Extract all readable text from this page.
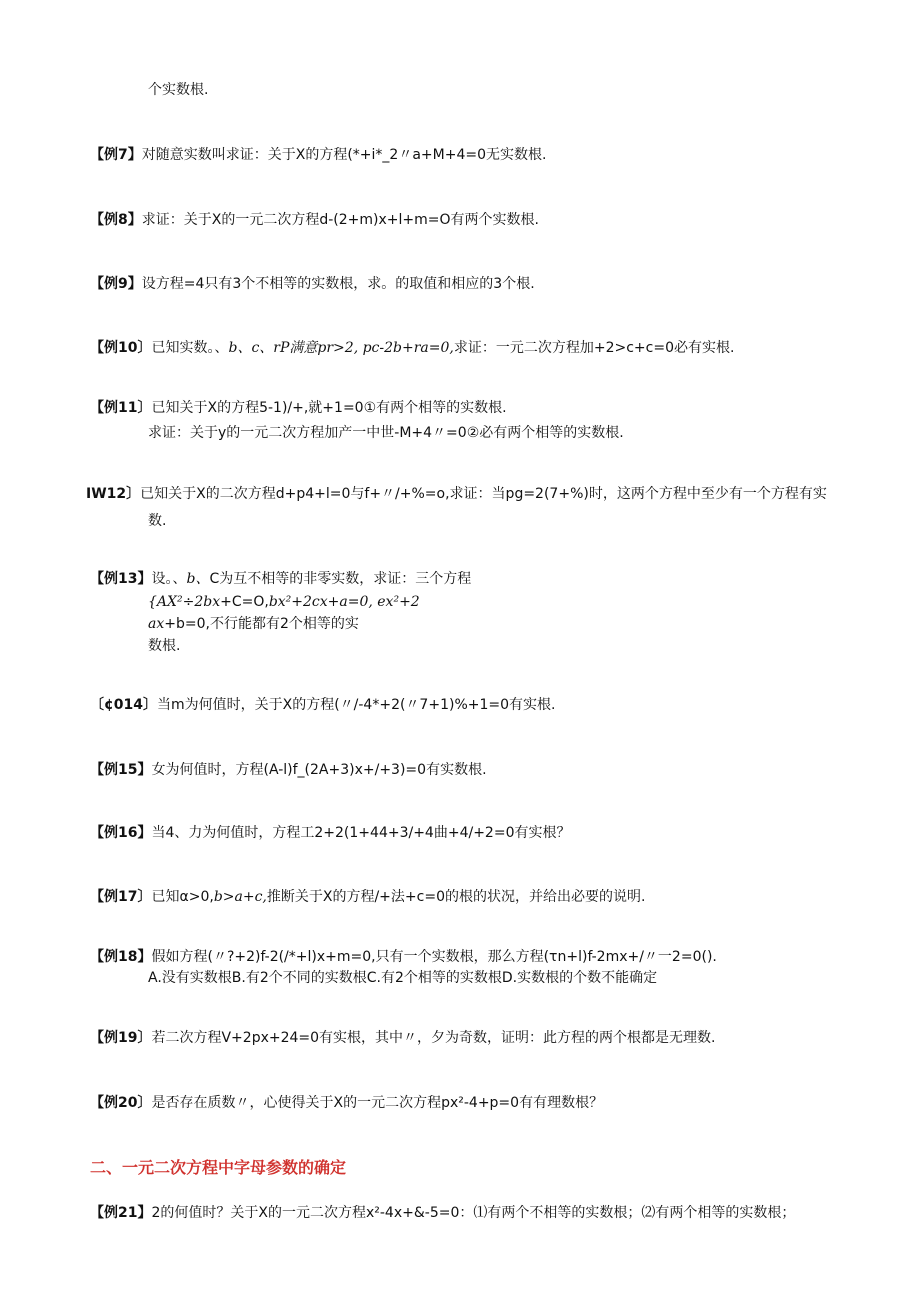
个实数根.
【例7】对随意实数叫求证：关于X的方程(*+i*_2〃a+M+4=0无实数根.
【例8】求证：关于X的一元二次方程d-(2+m)x+l+m=O有两个实数根.
【例9】设方程=4只有3个不相等的实数根，求。的取值和相应的3个根.
【例10〕已知实数。、b、c、rP满意pr>2, pc-2b+ra=0,求证：一元二次方程加+2>c+c=0必有实根.
【例11〕已知关于X的方程5-1)/+,就+1=0①有两个相等的实数根.
求证：关于y的一元二次方程加产一中世-M+4〃=0②必有两个相等的实数根.
IW12〕已知关于X的二次方程d+p4+l=0与f+〃/+%=o,求证：当pg=2(7+%)时，这两个方程中至少有一个方程有实
数.
【例13】设。、b、C为互不相等的非零实数，求证：三个方程
{AX²÷2bx+C=O,bx²+2cx+a=0, ex²+2
ax+b=0,不行能都有2个相等的实
数根.
〔¢014〕当m为何值时，关于X的方程(〃/-4*+2(〃7+1)%+1=0有实根.
【例15】女为何值时，方程(A-l)f_(2A+3)x+/+3)=0有实数根.
【例16】当4、力为何值时，方程工2+2(1+44+3/+4曲+4/+2=0有实根？
【例17〕已知α>0,b>a+c,推断关于X的方程/+法+c=0的根的状况，并给出必要的说明.
【例18】假如方程(〃?+2)f-2(/*+l)x+m=0,只有一个实数根，那么方程(τn+l)f-2mx+/〃一2=0().
A.没有实数根B.有2个不同的实数根C.有2个相等的实数根D.实数根的个数不能确定
【例19〕若二次方程V+2px+24=0有实根，其中〃，夕为奇数，证明：此方程的两个根都是无理数.
【例20〕是否存在质数〃，心使得关于X的一元二次方程px²-4+p=0有有理数根？
二、一元二次方程中字母参数的确定
【例21】2的何值时？关于X的一元二次方程x²-4x+&-5=0：⑴有两个不相等的实数根；⑵有两个相等的实数根；
